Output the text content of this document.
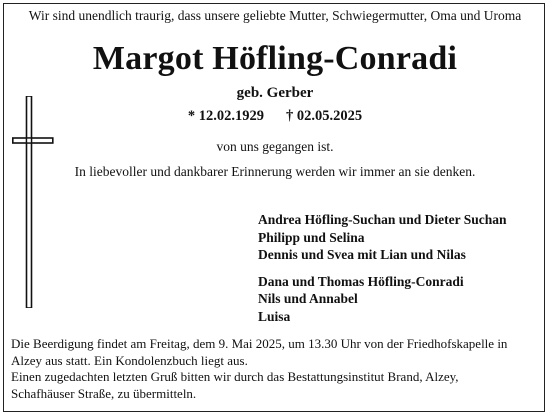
Wir sind unendlich traurig, dass unsere geliebte Mutter, Schwiegermutter, Oma und Uroma
Margot Höfling-Conradi
geb. Gerber
* 12.02.1929 † 02.05.2025
von uns gegangen ist.
In liebevoller und dankbarer Erinnerung werden wir immer an sie denken.
Andrea Höfling-Suchan und Dieter Suchan
Philipp und Selina
Dennis und Svea mit Lian und Nilas
Dana und Thomas Höfling-Conradi
Nils und Annabel
Luisa
Die Beerdigung findet am Freitag, dem 9. Mai 2025, um 13.30 Uhr von der Friedhofskapelle in
Alzey aus statt. Ein Kondolenzbuch liegt aus.
Einen zugedachten letzten Gruß bitten wir durch das Bestattungsinstitut Brand, Alzey,
Schafhäuser Straße, zu übermitteln.
